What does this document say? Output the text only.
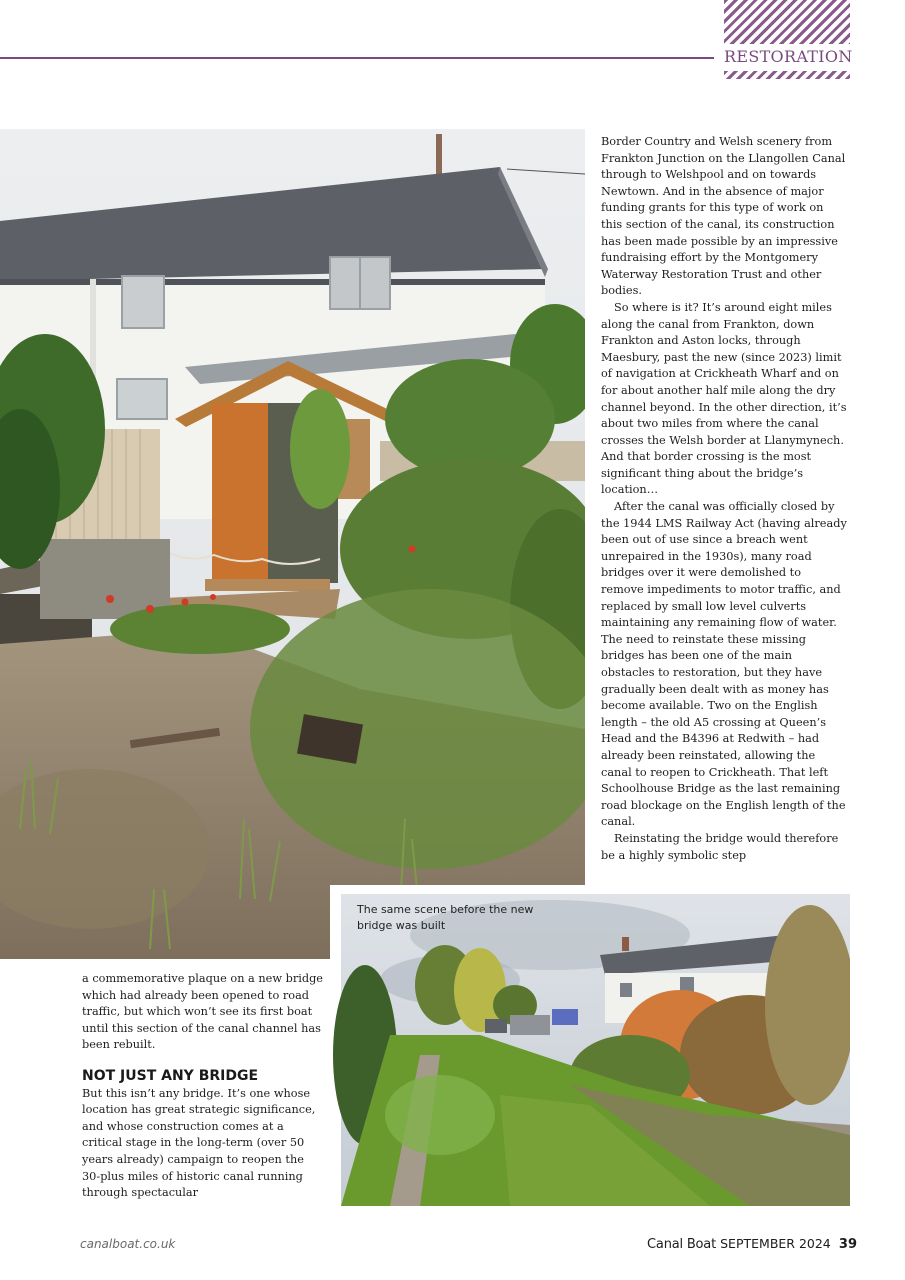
RESTORATION

Border Country and Welsh scenery from Frankton Junction on the Llangollen Canal through to Welshpool and on towards Newtown. And in the absence of major funding grants for this type of work on this section of the canal, its construction has been made possible by an impressive fundraising effort by the Montgomery Waterway Restoration Trust and other bodies.

So where is it? It’s around eight miles along the canal from Frankton, down Frankton and Aston locks, through Maesbury, past the new (since 2023) limit of navigation at Crickheath Wharf and on for about another half mile along the dry channel beyond. In the other direction, it’s about two miles from where the canal crosses the Welsh border at Llanymynech. And that border crossing is the most significant thing about the bridge’s location…

After the canal was officially closed by the 1944 LMS Railway Act (having already been out of use since a breach went unrepaired in the 1930s), many road bridges over it were demolished to remove impediments to motor traffic, and replaced by small low level culverts maintaining any remaining flow of water. The need to reinstate these missing bridges has been one of the main obstacles to restoration, but they have gradually been dealt with as money has become available. Two on the English length – the old A5 crossing at Queen’s Head and the B4396 at Redwith – had already been reinstated, allowing the canal to reopen to Crickheath. That left Schoolhouse Bridge as the last remaining road blockage on the English length of the canal.

Reinstating the bridge would therefore be a highly symbolic step

The same scene before the new bridge was built

a commemorative plaque on a new bridge which had already been opened to road traffic, but which won’t see its first boat until this section of the canal channel has been rebuilt.

NOT JUST ANY BRIDGE

But this isn’t any bridge. It’s one whose location has great strategic significance, and whose construction comes at a critical stage in the long-term (over 50 years already) campaign to reopen the 30-plus miles of historic canal running through spectacular

canalboat.co.uk	Canal Boat SEPTEMBER 2024 39
